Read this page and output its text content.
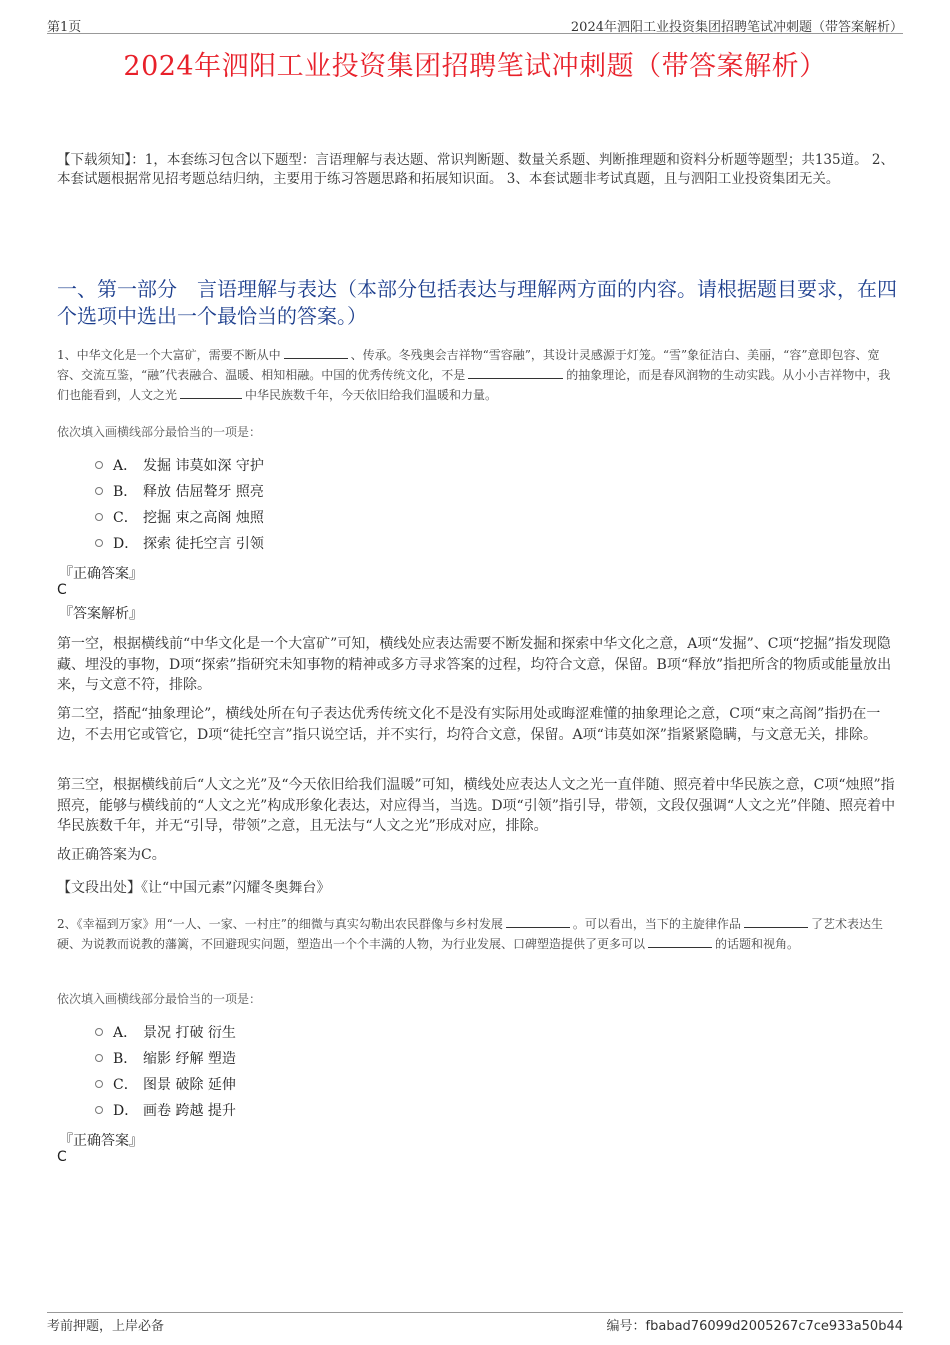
第1页	2024年泗阳工业投资集团招聘笔试冲刺题（带答案解析）
2024年泗阳工业投资集团招聘笔试冲刺题（带答案解析）
【下载须知】：1，本套练习包含以下题型：言语理解与表达题、常识判断题、数量关系题、判断推理题和资料分析题等题型；共135道。 2、本套试题根据常见招考题总结归纳，主要用于练习答题思路和拓展知识面。 3、本套试题非考试真题，且与泗阳工业投资集团无关。
一、第一部分　言语理解与表达（本部分包括表达与理解两方面的内容。请根据题目要求，在四个选项中选出一个最恰当的答案。）
1、中华文化是一个大富矿，需要不断从中	、传承。冬残奥会吉祥物“雪容融”，其设计灵感源于灯笼。“雪”象征洁白、美丽，“容”意即包容、宽容、交流互鉴，“融”代表融合、温暖、相知相融。中国的优秀传统文化，不是	的抽象理论，而是春风润物的生动实践。从小小吉祥物中，我们也能看到，人文之光	中华民族数千年，今天依旧给我们温暖和力量。
依次填入画横线部分最恰当的一项是：
A． 发掘 讳莫如深 守护
B． 释放 佶屈聱牙 照亮
C． 挖掘 束之高阁 烛照
D． 探索 徒托空言 引领
『正确答案』
C
『答案解析』
第一空，根据横线前“中华文化是一个大富矿”可知，横线处应表达需要不断发掘和探索中华文化之意，A项“发掘”、C项“挖掘”指发现隐藏、埋没的事物，D项“探索”指研究未知事物的精神或多方寻求答案的过程，均符合文意，保留。B项“释放”指把所含的物质或能量放出来，与文意不符，排除。
第二空，搭配“抽象理论”，横线处所在句子表达优秀传统文化不是没有实际用处或晦涩难懂的抽象理论之意，C项“束之高阁”指扔在一边，不去用它或管它，D项“徒托空言”指只说空话，并不实行，均符合文意，保留。A项“讳莫如深”指紧紧隐瞒，与文意无关，排除。
第三空，根据横线前后“人文之光”及“今天依旧给我们温暖”可知，横线处应表达人文之光一直伴随、照亮着中华民族之意，C项“烛照”指照亮，能够与横线前的“人文之光”构成形象化表达，对应得当，当选。D项“引领”指引导，带领，文段仅强调“人文之光”伴随、照亮着中华民族数千年，并无“引导，带领”之意，且无法与“人文之光”形成对应，排除。
故正确答案为C。
【文段出处】《让“中国元素”闪耀冬奥舞台》
2、《幸福到万家》用“一人、一家、一村庄”的细微与真实勾勒出农民群像与乡村发展	。可以看出，当下的主旋律作品	了艺术表达生硬、为说教而说教的藩篱，不回避现实问题，塑造出一个个丰满的人物，为行业发展、口碑塑造提供了更多可以	的话题和视角。
依次填入画横线部分最恰当的一项是：
A． 景况 打破 衍生
B． 缩影 纾解 塑造
C． 图景 破除 延伸
D． 画卷 跨越 提升
『正确答案』
C
考前押题，上岸必备	编号：fbabad76099d2005267c7ce933a50b44
